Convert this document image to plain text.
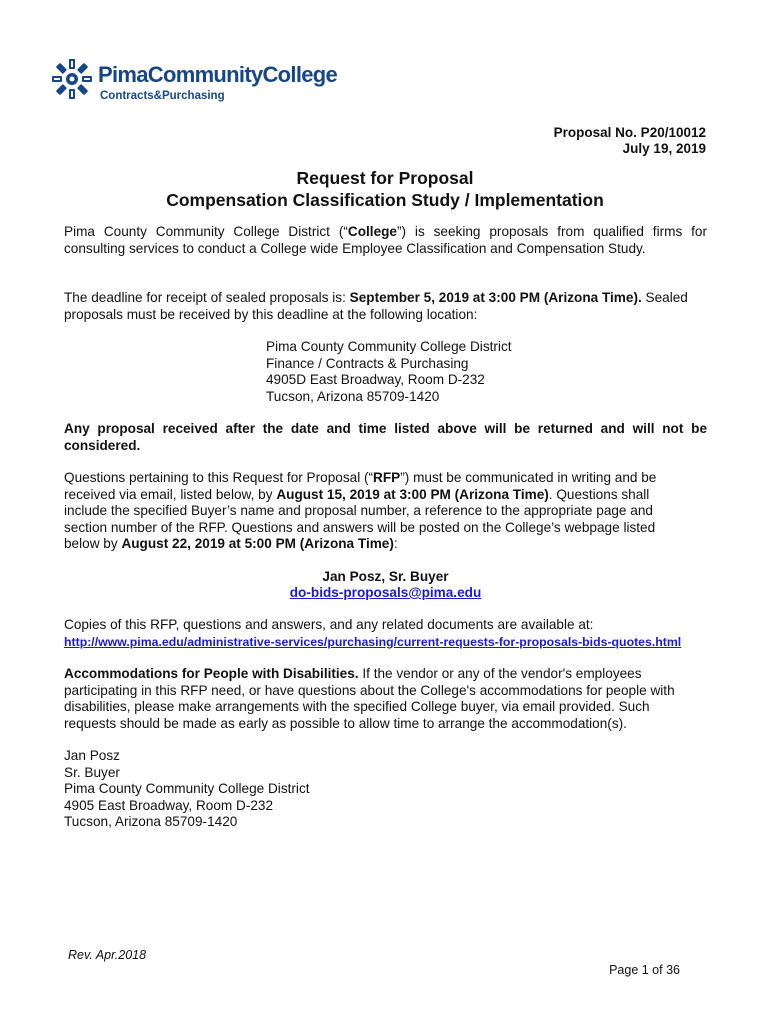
PimaCommunityCollege
Contracts&Purchasing
Proposal No. P20/10012
July 19, 2019
Request for Proposal
Compensation Classification Study / Implementation
Pima County Community College District (“College”) is seeking proposals from qualified firms for
consulting services to conduct a College wide Employee Classification and Compensation Study.
The deadline for receipt of sealed proposals is: September 5, 2019 at 3:00 PM (Arizona Time). Sealed
proposals must be received by this deadline at the following location:
Pima County Community College District
Finance / Contracts & Purchasing
4905D East Broadway, Room D-232
Tucson, Arizona 85709-1420
Any proposal received after the date and time listed above will be returned and will not be
considered.
Questions pertaining to this Request for Proposal (“RFP”) must be communicated in writing and be
received via email, listed below, by August 15, 2019 at 3:00 PM (Arizona Time). Questions shall
include the specified Buyer’s name and proposal number, a reference to the appropriate page and
section number of the RFP. Questions and answers will be posted on the College’s webpage listed
below by August 22, 2019 at 5:00 PM (Arizona Time):
Jan Posz, Sr. Buyer
do-bids-proposals@pima.edu
Copies of this RFP, questions and answers, and any related documents are available at:
http://www.pima.edu/administrative-services/purchasing/current-requests-for-proposals-bids-quotes.html
Accommodations for People with Disabilities. If the vendor or any of the vendor's employees
participating in this RFP need, or have questions about the College's accommodations for people with
disabilities, please make arrangements with the specified College buyer, via email provided. Such
requests should be made as early as possible to allow time to arrange the accommodation(s).
Jan Posz
Sr. Buyer
Pima County Community College District
4905 East Broadway, Room D-232
Tucson, Arizona 85709-1420
Rev. Apr.2018
Page 1 of 36
